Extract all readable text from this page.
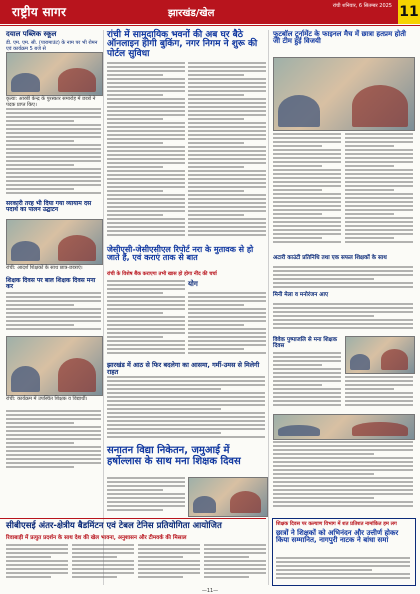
राष्ट्रीय सागर	झारखंड/खेल
रांची शनिवार, 6 सितम्बर 2025 11
दयाल पब्लिक स्कूल
डी. एम. एम. सी. (पारामाउंट) के नाम पर भी रोमन एवं कार्यक्रम 5 बजे से
कृत्या: आरबी केन्द्र के पुरस्कार समारोह में छात्रों ने पदक प्राप्त किए।
सरकारी तरह भी दिया गया व्यायाम दस पदार्थ का पालन उद्घाटन
रांची: आदर्श शिक्षकों के साथ छात्र-छात्राएं।
शिक्षक दिवस पर बाल शिक्षक दिवस मना कर
रांची: कार्यक्रम में उपस्थित शिक्षक व विद्यार्थी।
रांची में सामुदायिक भवनों की अब घर बैठे ऑनलाइन होगी बुकिंग, नगर निगम ने शुरू की पोर्टल सुविधा
जेसीएसी-जेसीएसीएल रिपोर्ट नरा के मुतावक से हो जाते हैं, एवं कराएं ताक से बात
रांची के विशेष बैंक कराएगा तभी खास हो होगा नींद की चर्चा
योग
झारखंड में आठ से फिर बदलेगा का आसमा, गर्मी-उमस से मिलेगी राहत
सनातन विद्या निकेतन, जमुआई में हर्षोल्लास के साथ मना शिक्षक दिवस
फुटबॉल टूर्नामेंट के फाइनल मैच में छात्रा हतप्रम होती जी टीम हुई विजयी
अटारी काउंटी प्रतिनिधि तथा एक सफल शिक्षकों के साथ
मिनी मेला व मनोरंजन आए
विवेक पुष्पाजलि से मना शिक्षक दिवस
सीबीएसई अंतर-क्षेत्रीय बैडमिंटन एवं टेबल टेनिस प्रतियोगिता आयोजित
रिवाबाड़ी में प्रत्युत प्रदर्शन के साथ देश की खेल भावना, अनुशासन और टीमवर्क की मिसाल
शिक्षक दिवस पर कल्याण विभाग में शत प्रतिशत नामांकित हम लग
छात्रों ने शिक्षकों को अभिनंदन और उत्तीर्ण होकर किया सम्मानित, नागपुरी नाटक ने बांधा समां
—11—
